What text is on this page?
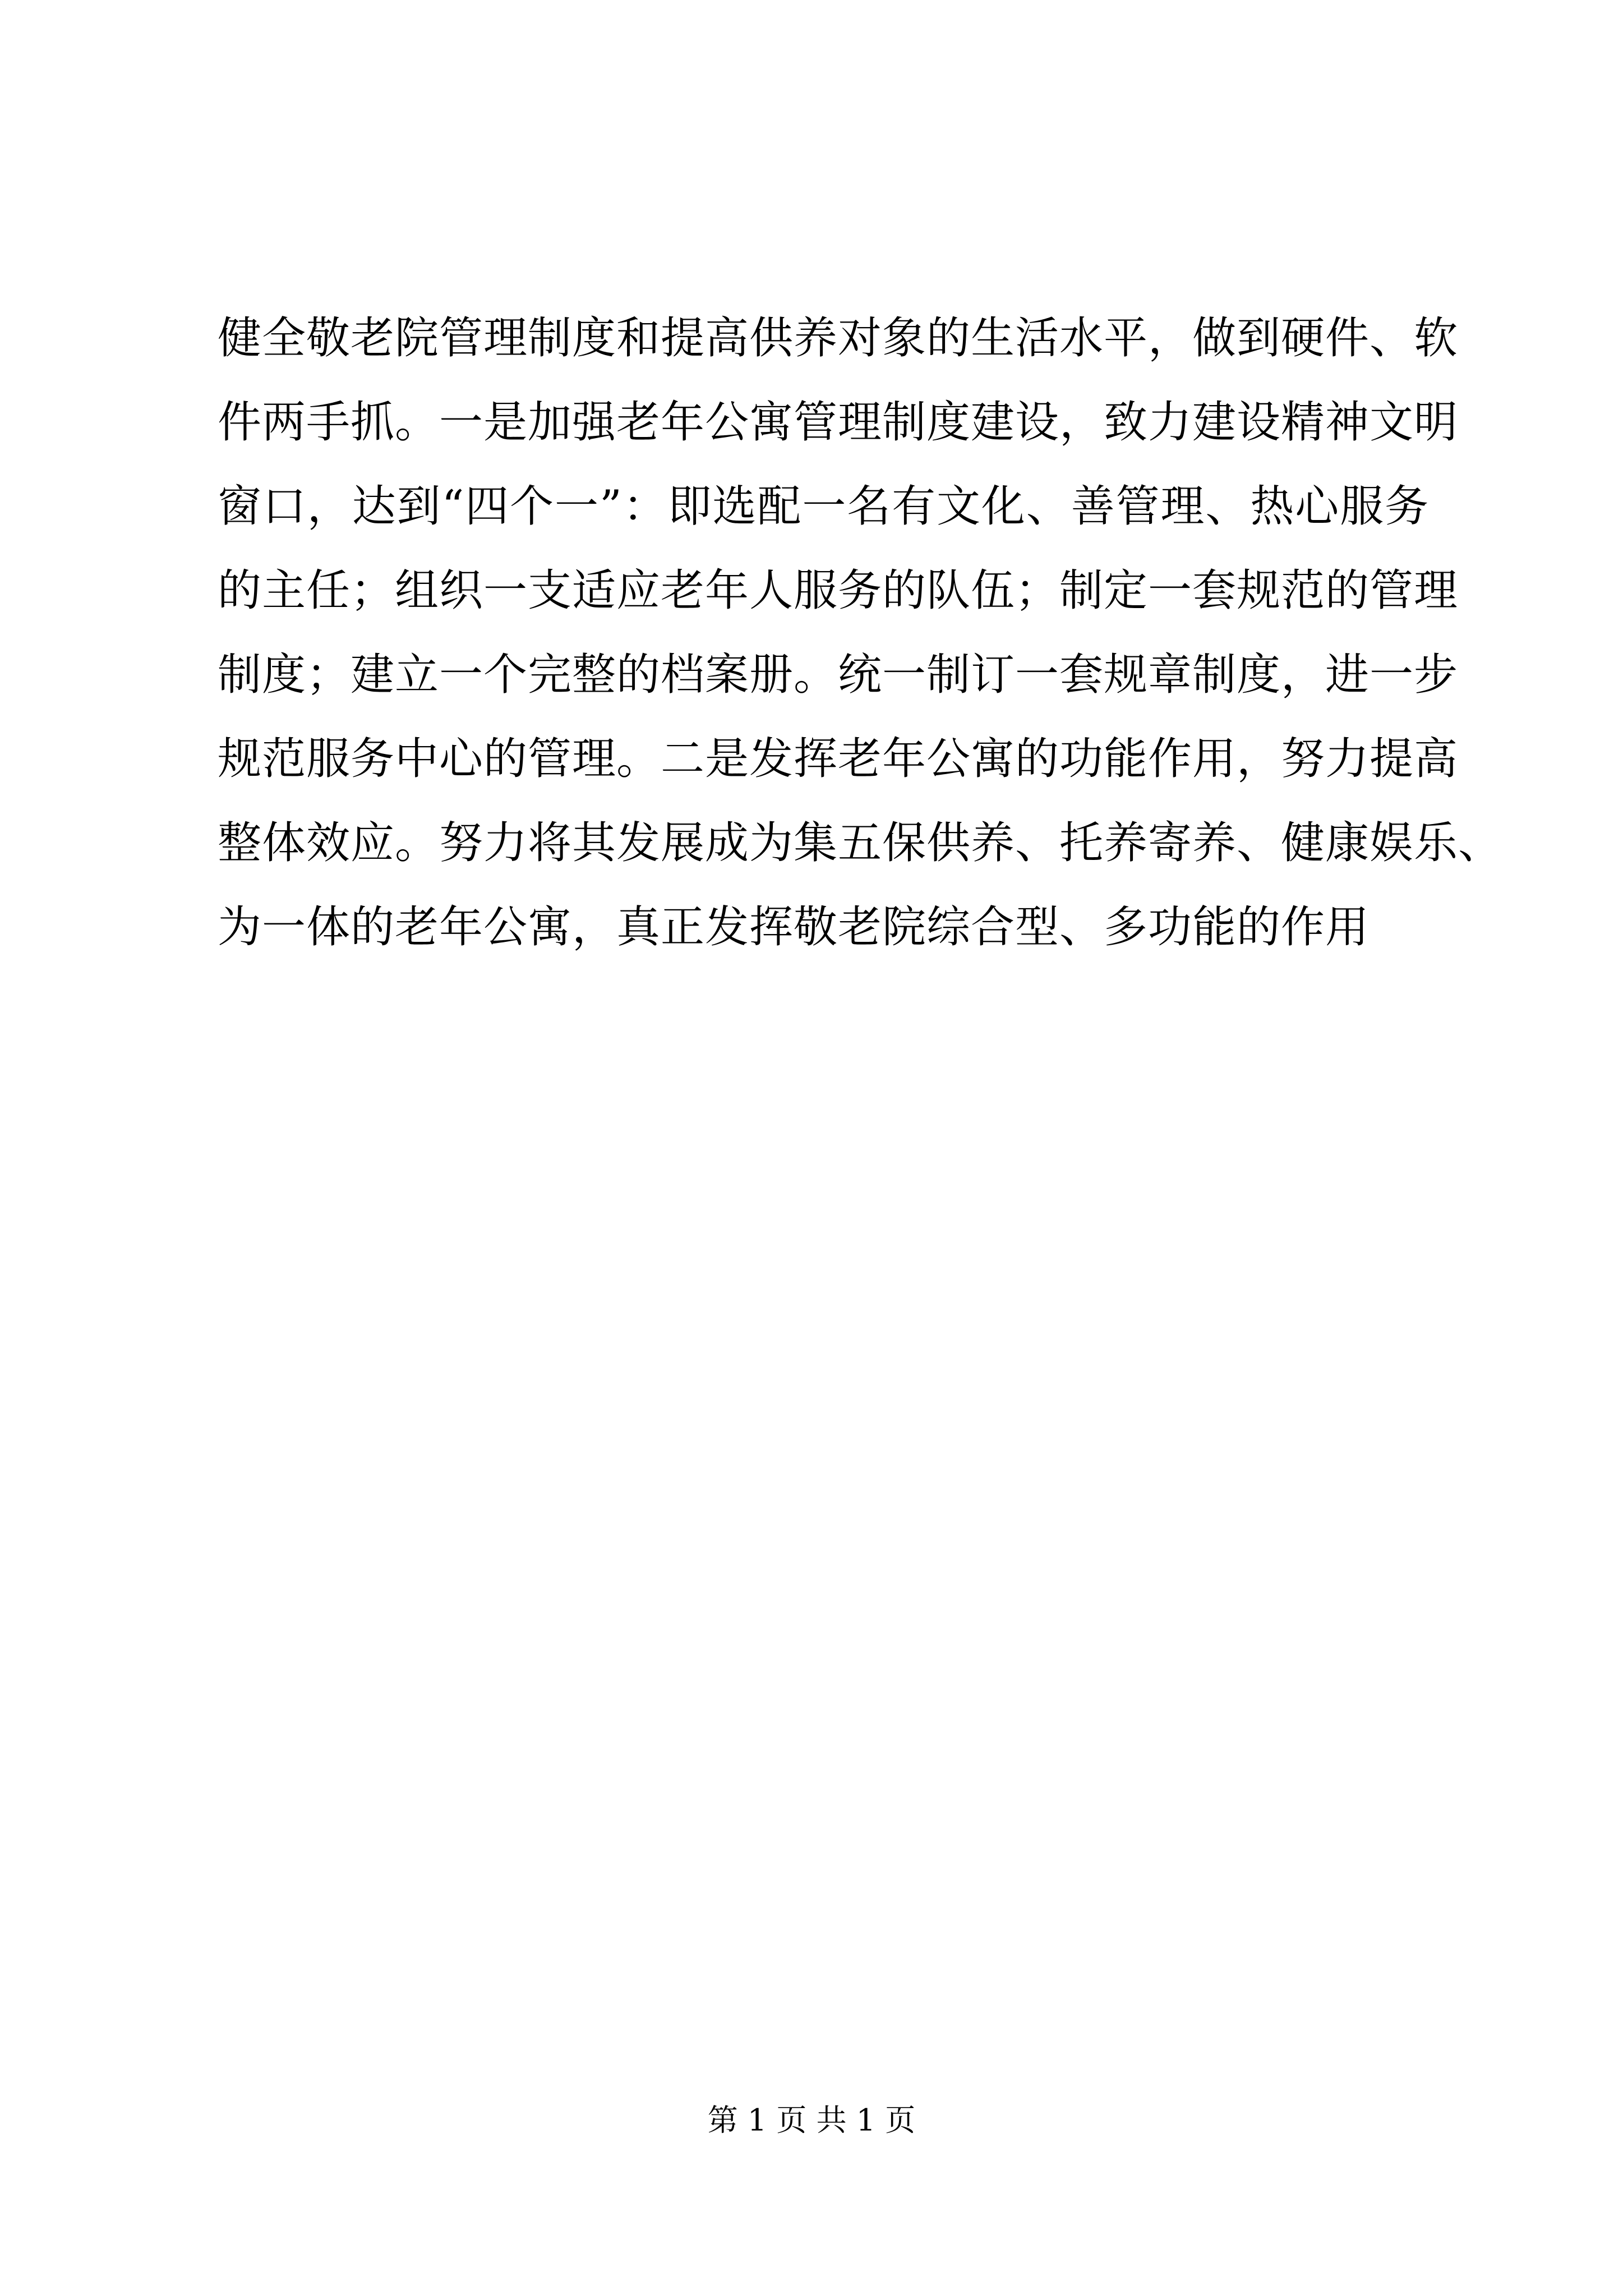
健全敬老院管理制度和提高供养对象的生活水平，做到硬件、软

件两手抓。一是加强老年公寓管理制度建设，致力建设精神文明

窗口，达到“四个一”：即选配一名有文化、善管理、热心服务

的主任；组织一支适应老年人服务的队伍；制定一套规范的管理

制度；建立一个完整的档案册。统一制订一套规章制度，进一步

规范服务中心的管理。二是发挥老年公寓的功能作用，努力提高

整体效应。努力将其发展成为集五保供养、托养寄养、健康娱乐、

为一体的老年公寓，真正发挥敬老院综合型、多功能的作用

第 1 页 共 1 页
